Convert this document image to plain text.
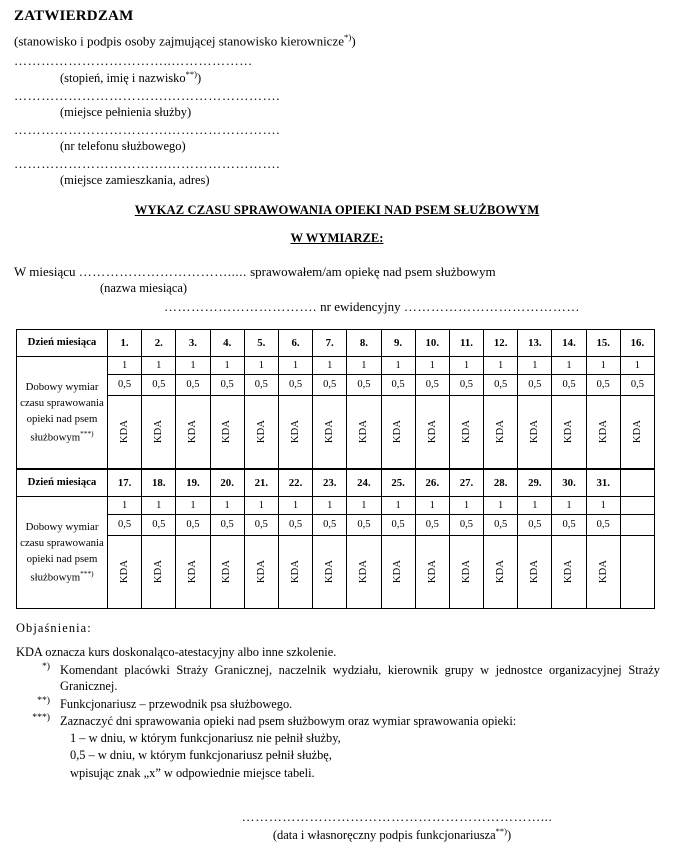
ZATWIERDZAM
(stanowisko i podpis osoby zajmującej stanowisko kierownicze*))
……………………………..………………
(stopień, imię i nazwisko**))
…………………………….…………………….
(miejsce pełnienia służby)
…………………………….…………………….
(nr telefonu służbowego)
…………………………….…………………….
(miejsce zamieszkania, adres)
WYKAZ CZASU SPRAWOWANIA OPIEKI NAD PSEM SŁUŻBOWYM
W WYMIARZE:
W miesiącu ……………………………..... sprawowałem/am opiekę nad psem służbowym
(nazwa miesiąca)
……………………………. nr ewidencyjny …………………………………
Dzień miesiąca	1.	2.	3.	4.	5.	6.	7.	8.	9.	10.	11.	12.	13.	14.	15.	16.
Dobowy wymiar czasu sprawowania opieki nad psem służbowym***)	1	1	1	1	1	1	1	1	1	1	1	1	1	1	1	1
	0,5	0,5	0,5	0,5	0,5	0,5	0,5	0,5	0,5	0,5	0,5	0,5	0,5	0,5	0,5	0,5
	KDA	KDA	KDA	KDA	KDA	KDA	KDA	KDA	KDA	KDA	KDA	KDA	KDA	KDA	KDA	KDA
Dzień miesiąca	17.	18.	19.	20.	21.	22.	23.	24.	25.	26.	27.	28.	29.	30.	31.	
Dobowy wymiar czasu sprawowania opieki nad psem służbowym***)	1	1	1	1	1	1	1	1	1	1	1	1	1	1	1	
	0,5	0,5	0,5	0,5	0,5	0,5	0,5	0,5	0,5	0,5	0,5	0,5	0,5	0,5	0,5	
	KDA	KDA	KDA	KDA	KDA	KDA	KDA	KDA	KDA	KDA	KDA	KDA	KDA	KDA	KDA	
Objaśnienia:
KDA oznacza kurs doskonaląco-atestacyjny albo inne szkolenie.
*) Komendant placówki Straży Granicznej, naczelnik wydziału, kierownik grupy w jednostce organizacyjnej Straży Granicznej.
**) Funkcjonariusz – przewodnik psa służbowego.
***) Zaznaczyć dni sprawowania opieki nad psem służbowym oraz wymiar sprawowania opieki:
1 – w dniu, w którym funkcjonariusz nie pełnił służby,
0,5 – w dniu, w którym funkcjonariusz pełnił służbę,
wpisując znak „x” w odpowiednie miejsce tabeli.
…………………………………………………………...
(data i własnoręczny podpis funkcjonariusza**))
